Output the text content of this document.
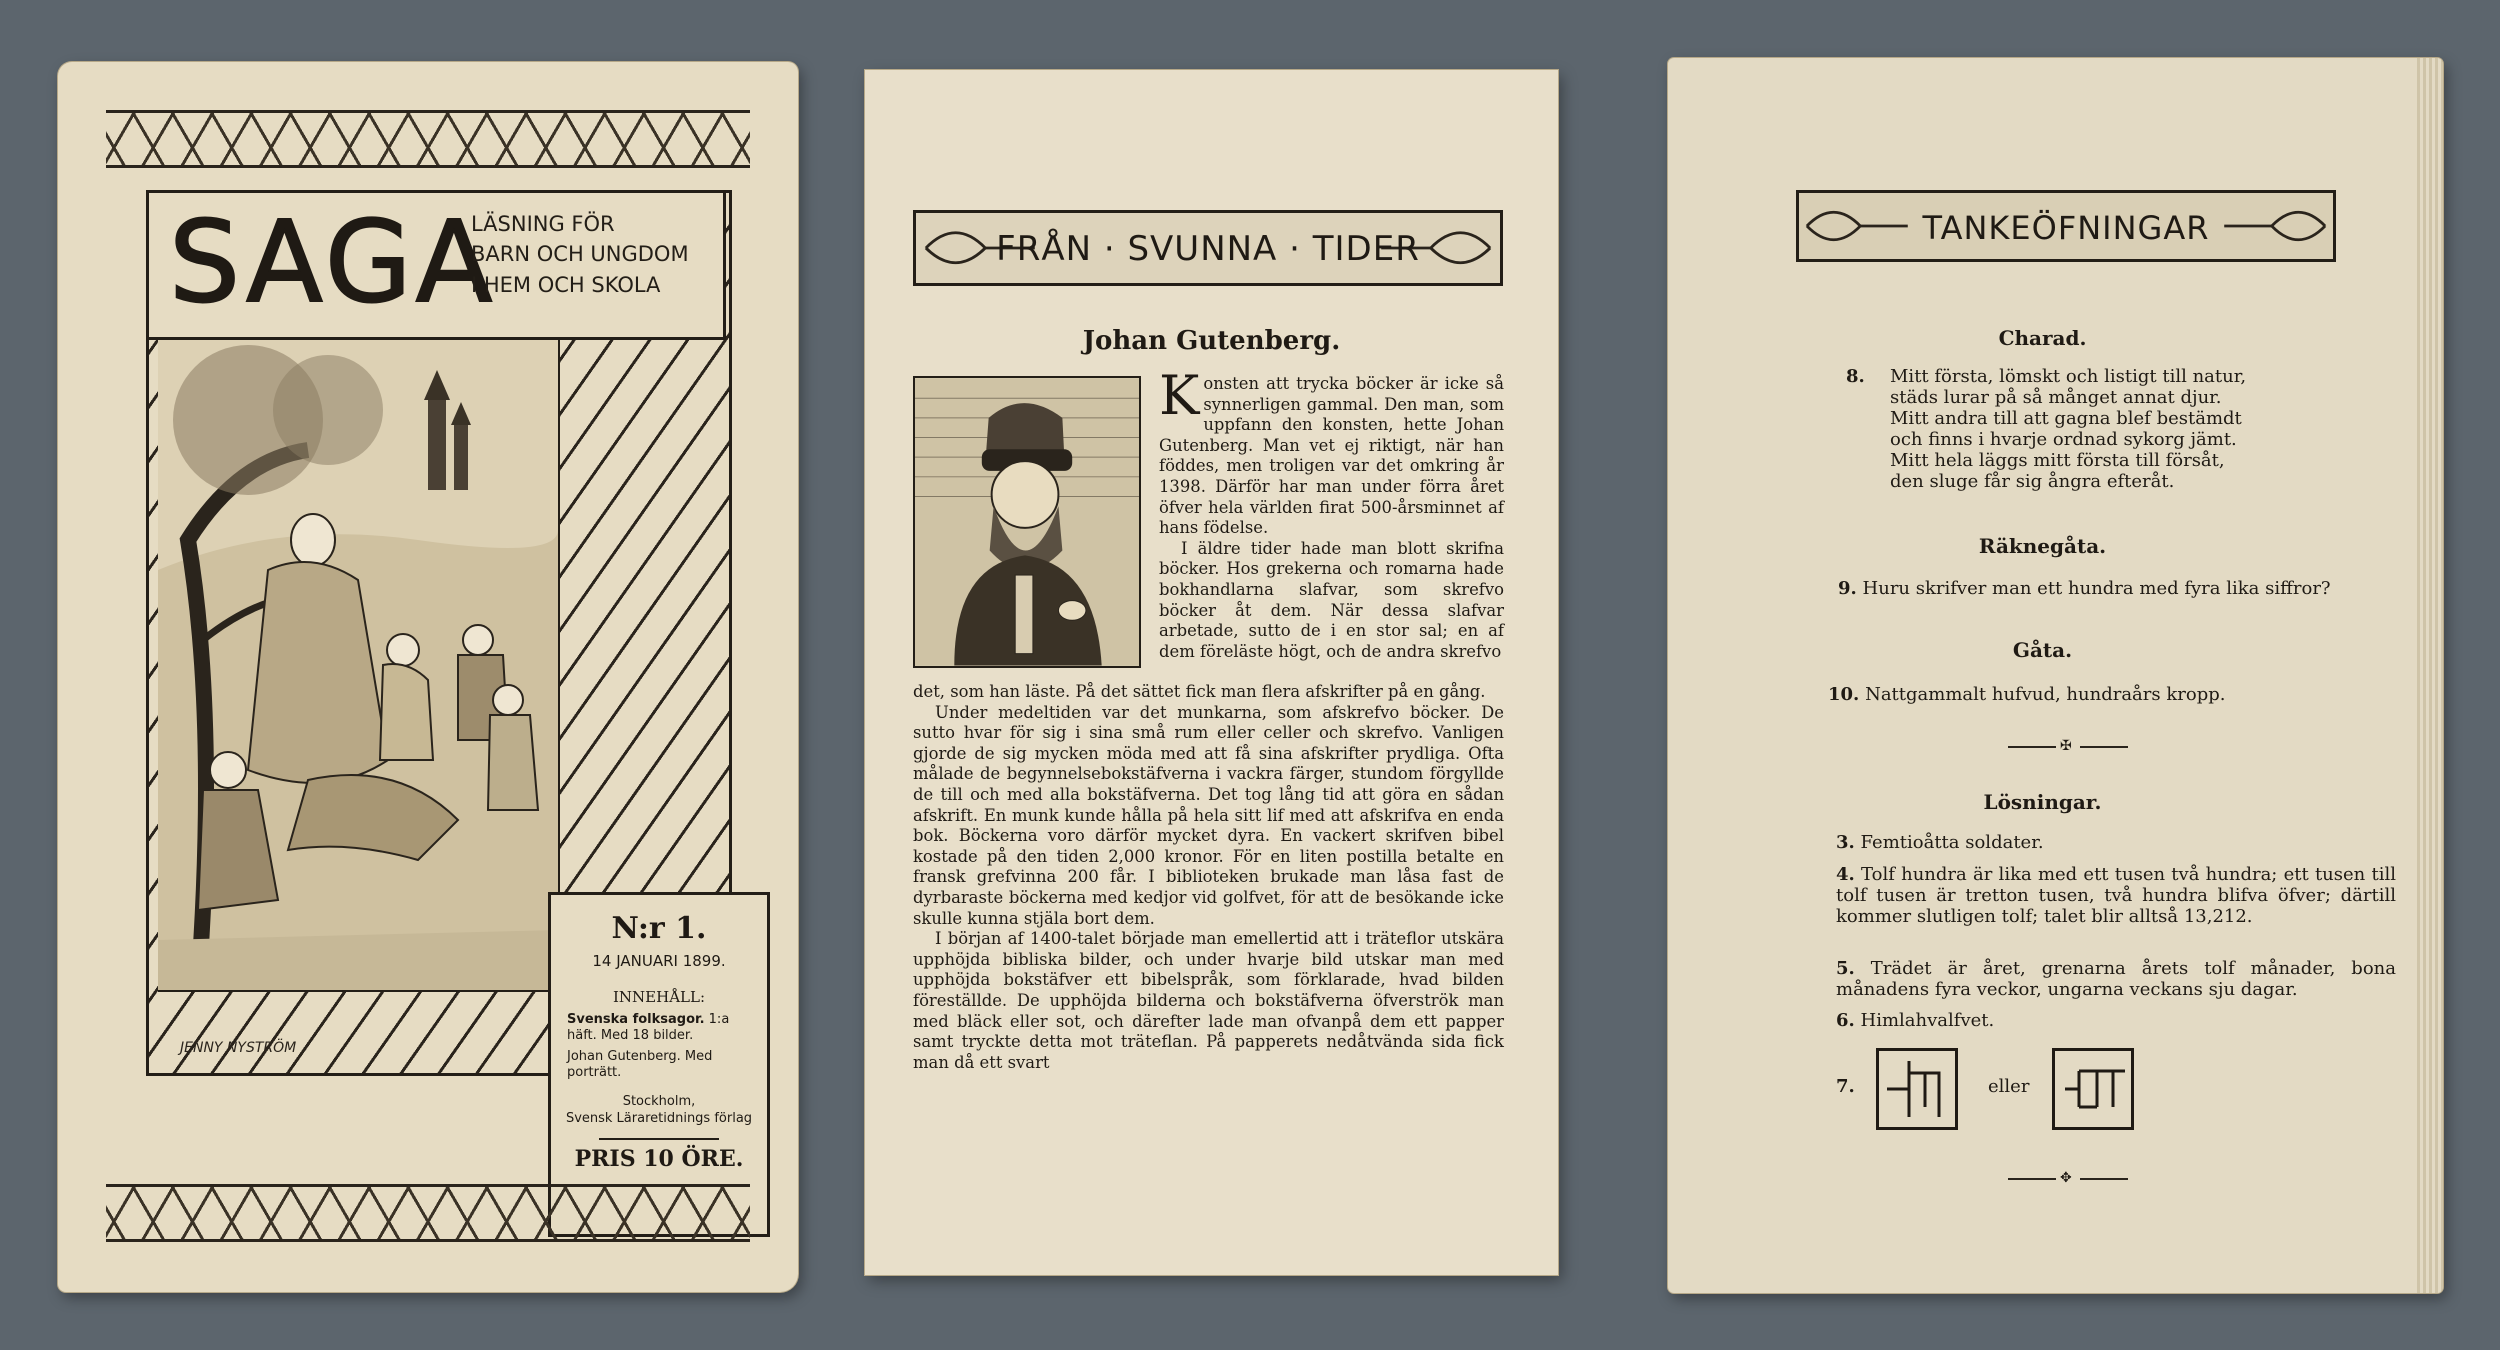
SAGA
LÄSNING FÖR
BARN OCH UNGDOM
I HEM OCH SKOLA
JENNY NYSTRÖM

N:r 1.

14 JANUARI 1899.

INNEHÅLL:

Svenska folksagor. 1:a häft. Med 18 bilder.

Johan Gutenberg. Med porträtt.

Stockholm,
Svensk Läraretidnings förlag
PRIS 10 ÖRE.
FRÅN · SVUNNA · TIDER
Johan Gutenberg.

Konsten att trycka böcker är icke så synnerligen gammal. Den man, som uppfann den konsten, hette Johan Gutenberg. Man vet ej riktigt, när han föddes, men troligen var det omkring år 1398. Därför har man under förra året öfver hela världen firat 500-årsminnet af hans födelse.

I äldre tider hade man blott skrifna böcker. Hos grekerna och romarna hade bokhandlarna slafvar, som skrefvo böcker åt dem. När dessa slafvar arbetade, sutto de i en stor sal; en af dem föreläste högt, och de andra skrefvo

det, som han läste. På det sättet fick man flera afskrifter på en gång.

Under medeltiden var det munkarna, som afskrefvo böcker. De sutto hvar för sig i sina små rum eller celler och skrefvo. Vanligen gjorde de sig mycken möda med att få sina afskrifter prydliga. Ofta målade de begynnelsebokstäfverna i vackra färger, stundom förgyllde de till och med alla bokstäfverna. Det tog lång tid att göra en sådan afskrift. En munk kunde hålla på hela sitt lif med att afskrifva en enda bok. Böckerna voro därför mycket dyra. En vackert skrifven bibel kostade på den tiden 2,000 kronor. För en liten postilla betalte en fransk grefvinna 200 får. I biblioteken brukade man låsa fast de dyrbaraste böckerna med kedjor vid golfvet, för att de besökande icke skulle kunna stjäla bort dem.

I början af 1400-talet började man emellertid att i träteflor utskära upphöjda bibliska bilder, och under hvarje bild utskar man med upphöjda bokstäfver ett bibelspråk, som förklarade, hvad bilden föreställde. De upphöjda bilderna och bokstäfverna öfverströk man med bläck eller sot, och därefter lade man ofvanpå dem ett papper samt tryckte detta mot träteflan. På papperets nedåtvända sida fick man då ett svart

TANKEÖFNINGAR
Charad.
8.	Mitt första, lömskt och listigt till natur,
städs lurar på så månget annat djur.
Mitt andra till att gagna blef bestämdt
och finns i hvarje ordnad sykorg jämt.
Mitt hela läggs mitt första till försåt,
den sluge får sig ångra efteråt.
Räknegåta.
9. Huru skrifver man ett hundra med fyra lika siffror?
Gåta.
10. Nattgammalt hufvud, hundraårs kropp.
✠
Lösningar.
3. Femtioåtta soldater.
4. Tolf hundra är lika med ett tusen två hundra; ett tusen till tolf tusen är tretton tusen, två hundra blifva öfver; därtill kommer slutligen tolf; talet blir alltså 13,212.
5. Trädet är året, grenarna årets tolf månader, bona månadens fyra veckor, ungarna veckans sju dagar.
6. Himlahvalfvet.
7.	eller
✥
